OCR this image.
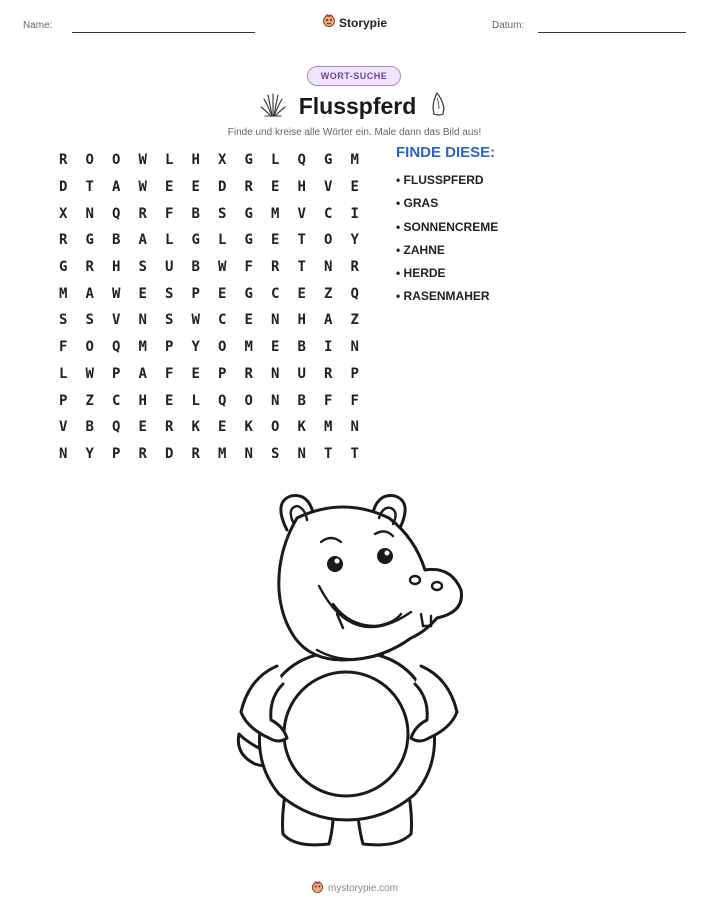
Name:	Storypie	Datum:
WORT-SUCHE
Flusspferd
Finde und kreise alle Wörter ein. Male dann das Bild aus!
R	O	O	W	L	H	X	G	L	Q	G	M
D	T	A	W	E	E	D	R	E	H	V	E
X	N	Q	R	F	B	S	G	M	V	C	I
R	G	B	A	L	G	L	G	E	T	O	Y
G	R	H	S	U	B	W	F	R	T	N	R
M	A	W	E	S	P	E	G	C	E	Z	Q
S	S	V	N	S	W	C	E	N	H	A	Z
F	O	Q	M	P	Y	O	M	E	B	I	N
L	W	P	A	F	E	P	R	N	U	R	P
P	Z	C	H	E	L	Q	O	N	B	F	F
V	B	Q	E	R	K	E	K	O	K	M	N
N	Y	P	R	D	R	M	N	S	N	T	T
FINDE DIESE:
• FLUSSPFERD
• GRAS
• SONNENCREME
• ZAHNE
• HERDE
• RASENMAHER
mystorypie.com
